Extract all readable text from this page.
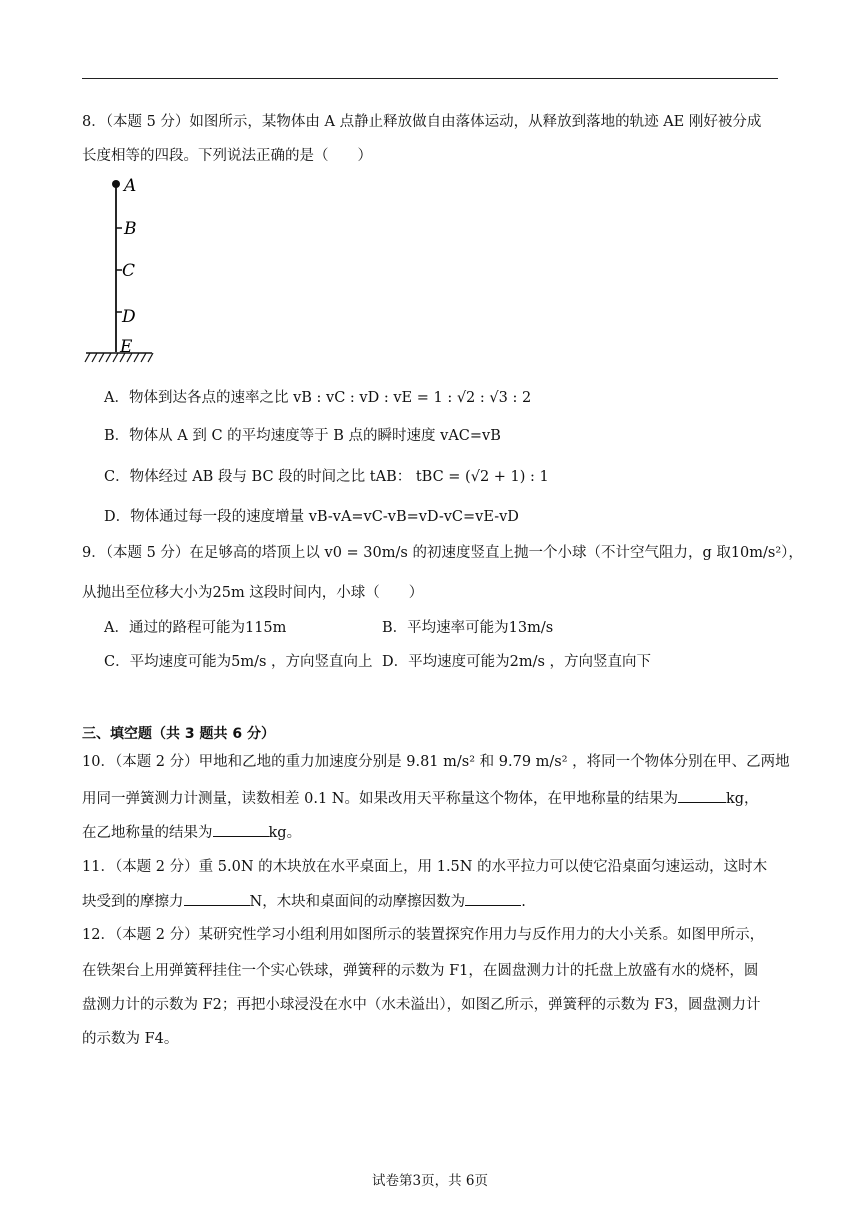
8．（本题 5 分）如图所示，某物体由 A 点静止释放做自由落体运动，从释放到落地的轨迹 AE 刚好被分成
长度相等的四段。下列说法正确的是（　　）
A
B
C
D
E
A．物体到达各点的速率之比 vB : vC : vD : vE = 1 : √2 : √3 : 2
B．物体从 A 到 C 的平均速度等于 B 点的瞬时速度 vAC=vB
C．物体经过 AB 段与 BC 段的时间之比 tAB： tBC = (√2 + 1) : 1
D．物体通过每一段的速度增量 vB-vA=vC-vB=vD-vC=vE-vD
9．（本题 5 分）在足够高的塔顶上以 v0 = 30m/s 的初速度竖直上抛一个小球（不计空气阻力，g 取10m/s²），
从抛出至位移大小为25m 这段时间内，小球（　　）
A．通过的路程可能为115m	B．平均速率可能为13m/s
C．平均速度可能为5m/s ，方向竖直向上 D．平均速度可能为2m/s ，方向竖直向下
三、填空题（共 3 题共 6 分）
10．（本题 2 分）甲地和乙地的重力加速度分别是 9.81 m/s² 和 9.79 m/s² ，将同一个物体分别在甲、乙两地
用同一弹簧测力计测量，读数相差 0.1 N。如果改用天平称量这个物体，在甲地称量的结果为	kg，
在乙地称量的结果为	kg。
11．（本题 2 分）重 5.0N 的木块放在水平桌面上，用 1.5N 的水平拉力可以使它沿桌面匀速运动，这时木
块受到的摩擦力	N，木块和桌面间的动摩擦因数为	.
12．（本题 2 分）某研究性学习小组利用如图所示的装置探究作用力与反作用力的大小关系。如图甲所示，
在铁架台上用弹簧秤挂住一个实心铁球，弹簧秤的示数为 F1，在圆盘测力计的托盘上放盛有水的烧杯，圆
盘测力计的示数为 F2；再把小球浸没在水中（水未溢出），如图乙所示，弹簧秤的示数为 F3，圆盘测力计
的示数为 F4。
试卷第3页，共 6页
